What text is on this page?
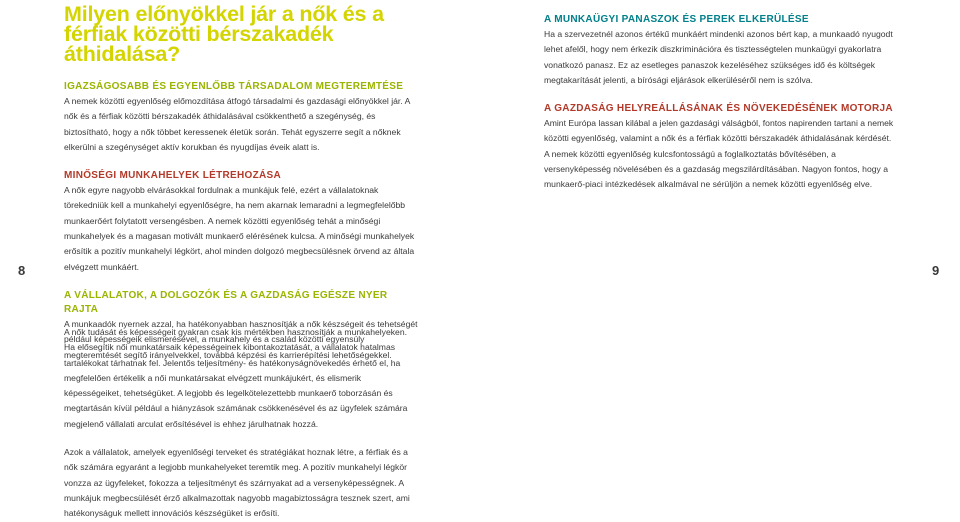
Milyen előnyökkel jár a nők és a férfiak közötti bérszakadék áthidalása?
IGAZSÁGOSABB ÉS EGYENLŐBB TÁRSADALOM MEGTEREMTÉSE

A nemek közötti egyenlőség előmozdítása átfogó társadalmi és gazdasági előnyökkel jár. A nők és a férfiak közötti bérszakadék áthidalásával csökkenthető a szegénység, és biztosítható, hogy a nők többet keressenek életük során. Tehát egyszerre segít a nőknek elkerülni a szegénységet aktív korukban és nyugdíjas éveik alatt is.

MINŐSÉGI MUNKAHELYEK LÉTREHOZÁSA

A nők egyre nagyobb elvárásokkal fordulnak a munkájuk felé, ezért a vállalatoknak törekedniük kell a munkahelyi egyenlőségre, ha nem akarnak lemaradni a legmegfelelőbb munkaerőért folytatott versengésben. A nemek közötti egyenlőség tehát a minőségi munkahelyek és a magasan motivált munkaerő elérésének kulcsa. A minőségi munkahelyek erősítik a pozitív munkahelyi légkört, ahol minden dolgozó megbecsülésnek örvend az általa elvégzett munkáért.

A VÁLLALATOK, A DOLGOZÓK ÉS A GAZDASÁG EGÉSZE NYER RAJTA

A munkaadók nyernek azzal, ha hatékonyabban hasznosítják a nők készségeit és tehetségét például képességeik elismerésével, a munkahely és a család közötti egyensúly megteremtését segítő irányelvekkel, továbbá képzési és karrierépítési lehetőségekkel.

A nők tudását és képességeit gyakran csak kis mértékben hasznosítják a munkahelyeken. Ha elősegítik női munkatársaik képességeinek kibontakoztatását, a vállalatok hatalmas tartalékokat tárhatnak fel. Jelentős teljesítmény- és hatékonyságnövekedés érhető el, ha megfelelően értékelik a női munkatársakat elvégzett munkájukért, és elismerik képességeiket, tehetségüket. A legjobb és legelkötelezettebb munkaerő toborzásán és megtartásán kívül például a hiányzások számának csökkenésével és az ügyfelek számára megjelenő vállalati arculat erősítésével is ehhez járulhatnak hozzá.

Azok a vállalatok, amelyek egyenlőségi terveket és stratégiákat hoznak létre, a férfiak és a nők számára egyaránt a legjobb munkahelyeket teremtik meg. A pozitív munkahelyi légkör vonzza az ügyfeleket, fokozza a teljesítményt és szárnyakat ad a versenyképességnek. A munkájuk megbecsülését érző alkalmazottak nagyobb magabiztosságra tesznek szert, ami hatékonyságuk mellett innovációs készségüket is erősíti.

A MUNKAÜGYI PANASZOK ÉS PEREK ELKERÜLÉSE

Ha a szervezetnél azonos értékű munkáért mindenki azonos bért kap, a munkaadó nyugodt lehet afelől, hogy nem érkezik diszkriminációra és tisztességtelen munkaügyi gyakorlatra vonatkozó panasz. Ez az esetleges panaszok kezeléséhez szükséges idő és költségek megtakarítását jelenti, a bírósági eljárások elkerüléséről nem is szólva.

A GAZDASÁG HELYREÁLLÁSÁNAK ÉS NÖVEKEDÉSÉNEK MOTORJA

Amint Európa lassan kilábal a jelen gazdasági válságból, fontos napirenden tartani a nemek közötti egyenlőség, valamint a nők és a férfiak közötti bérszakadék áthidalásának kérdését. A nemek közötti egyenlőség kulcsfontosságú a foglalkoztatás bővítésében, a versenyképesség növelésében és a gazdaság megszilárdításában. Nagyon fontos, hogy a munkaerő-piaci intézkedések alkalmával ne sérüljön a nemek közötti egyenlőség elve.

8	9
